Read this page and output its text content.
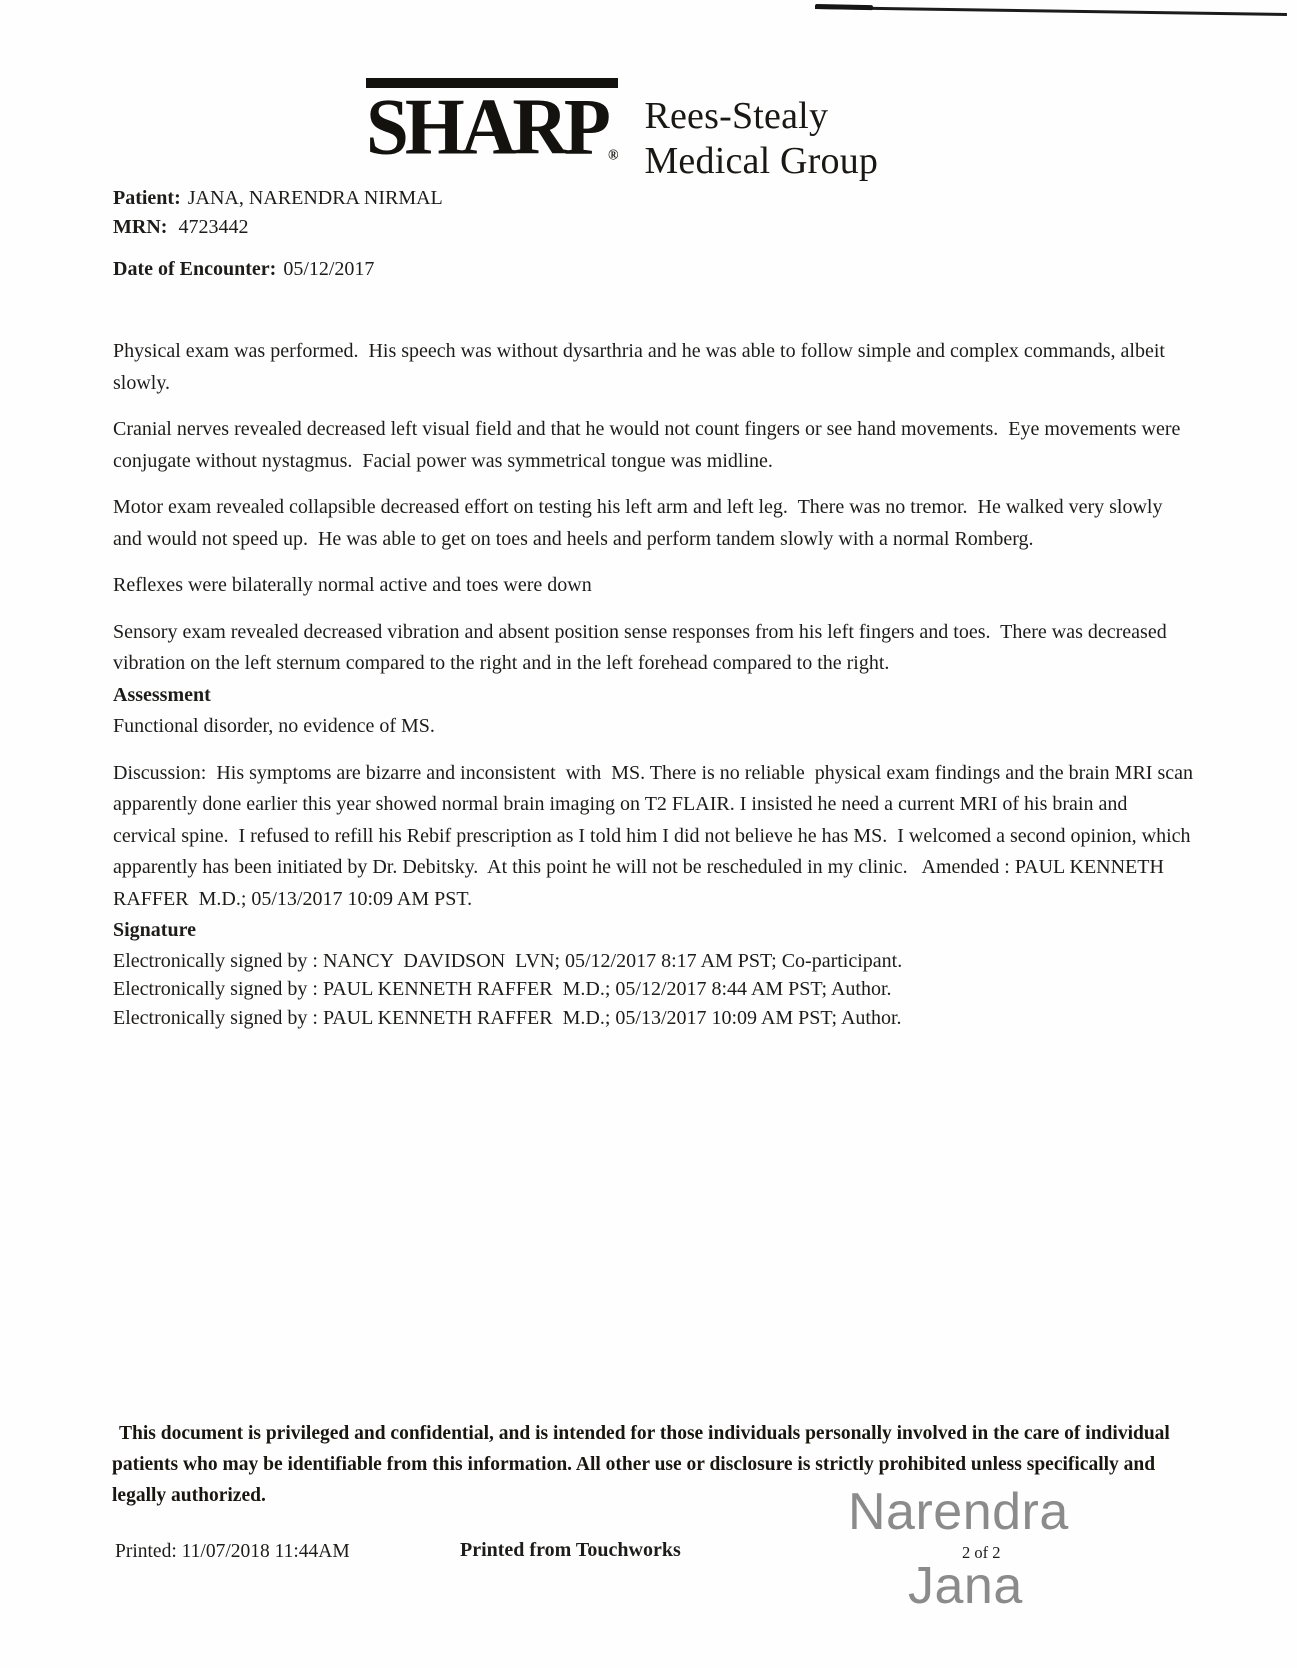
SHARP®
Rees-Stealy
Medical Group
Patient: JANA, NARENDRA NIRMAL
MRN: 4723442
Date of Encounter: 05/12/2017

Physical exam was performed.  His speech was without dysarthria and he was able to follow simple and complex commands, albeit slowly.

Cranial nerves revealed decreased left visual field and that he would not count fingers or see hand movements.  Eye movements were conjugate without nystagmus.  Facial power was symmetrical tongue was midline.

Motor exam revealed collapsible decreased effort on testing his left arm and left leg.  There was no tremor.  He walked very slowly and would not speed up.  He was able to get on toes and heels and perform tandem slowly with a normal Romberg.

Reflexes were bilaterally normal active and toes were down

Sensory exam revealed decreased vibration and absent position sense responses from his left fingers and toes.  There was decreased vibration on the left sternum compared to the right and in the left forehead compared to the right.

Assessment

Functional disorder, no evidence of MS.

Discussion:  His symptoms are bizarre and inconsistent  with  MS. There is no reliable  physical exam findings and the brain MRI scan apparently done earlier this year showed normal brain imaging on T2 FLAIR. I insisted he need a current MRI of his brain and cervical spine.  I refused to refill his Rebif prescription as I told him I did not believe he has MS.  I welcomed a second opinion, which apparently has been initiated by Dr. Debitsky.  At this point he will not be rescheduled in my clinic.   Amended : PAUL KENNETH RAFFER  M.D.; 05/13/2017 10:09 AM PST.

Signature

Electronically signed by : NANCY  DAVIDSON  LVN; 05/12/2017 8:17 AM PST; Co-participant.
Electronically signed by : PAUL KENNETH RAFFER  M.D.; 05/12/2017 8:44 AM PST; Author.
Electronically signed by : PAUL KENNETH RAFFER  M.D.; 05/13/2017 10:09 AM PST; Author.
This document is privileged and confidential, and is intended for those individuals personally involved in the care of individual patients who may be identifiable from this information. All other use or disclosure is strictly prohibited unless specifically and legally authorized.	Narendra
Jana
Printed: 11/07/2018 11:44AM	Printed from Touchworks	2 of 2
